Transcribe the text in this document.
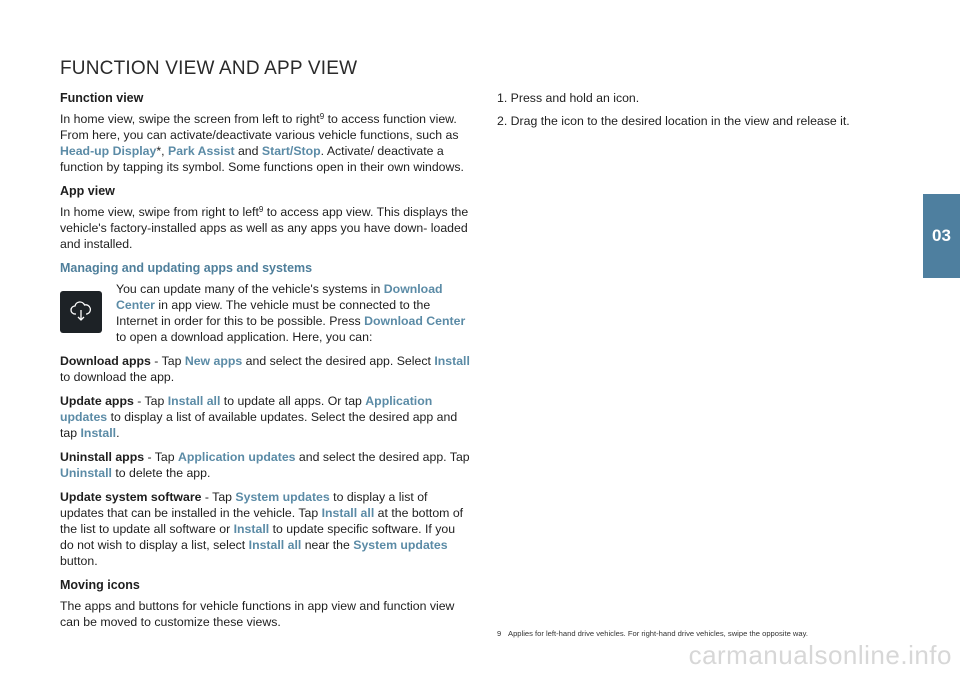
FUNCTION VIEW AND APP VIEW
Function view

In home view, swipe the screen from left to right$^9$ to access function view. From here, you can activate/deactivate various vehicle functions, such as Head-up Display*, Park Assist and Start/Stop. Activate/ deactivate a function by tapping its symbol. Some functions open in their own windows.

App view

In home view, swipe from right to left$^9$ to access app view. This displays the vehicle's factory-installed apps as well as any apps you have down- loaded and installed.

Managing and updating apps and systems
You can update many of the vehicle's systems in Download Center in app view. The vehicle must be connected to the Internet in order for this to be possible. Press Download Center to open a download application. Here, you can:

Download apps - Tap New apps and select the desired app. Select Install to download the app.

Update apps - Tap Install all to update all apps. Or tap Application updates to display a list of available updates. Select the desired app and tap Install.

Uninstall apps - Tap Application updates and select the desired app. Tap Uninstall to delete the app.

Update system software - Tap System updates to display a list of updates that can be installed in the vehicle. Tap Install all at the bottom of the list to update all software or Install to update specific software. If you do not wish to display a list, select Install all near the System updates button.

Moving icons

The apps and buttons for vehicle functions in app view and function view can be moved to customize these views.

1. Press and hold an icon.
2. Drag the icon to the desired location in the view and release it.
9 Applies for left-hand drive vehicles. For right-hand drive vehicles, swipe the opposite way.
03
carmanualsonline.info
